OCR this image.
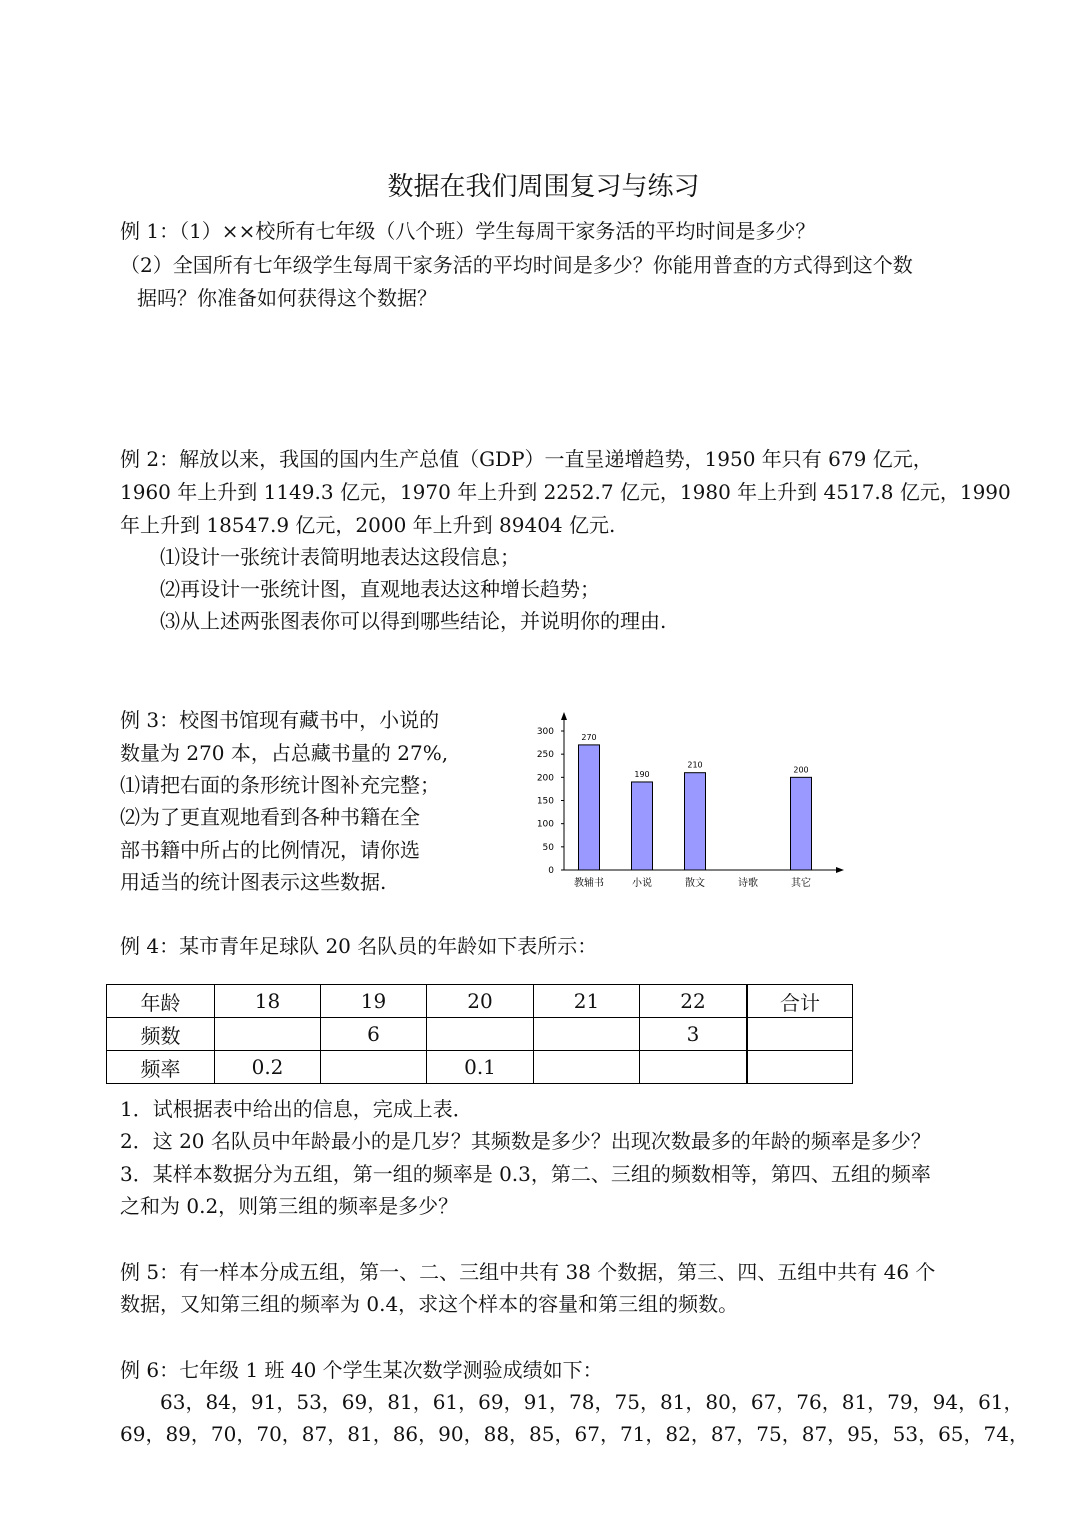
数据在我们周围复习与练习
例 1：（1）××校所有七年级（八个班）学生每周干家务活的平均时间是多少？
（2）全国所有七年级学生每周干家务活的平均时间是多少？你能用普查的方式得到这个数
据吗？你准备如何获得这个数据？
例 2：解放以来，我国的国内生产总值（GDP）一直呈递增趋势，1950 年只有 679 亿元，
1960 年上升到 1149.3 亿元，1970 年上升到 2252.7 亿元，1980 年上升到 4517.8 亿元，1990
年上升到 18547.9 亿元，2000 年上升到 89404 亿元.
⑴设计一张统计表简明地表达这段信息；
⑵再设计一张统计图，直观地表达这种增长趋势；
⑶从上述两张图表你可以得到哪些结论，并说明你的理由.
例 3：校图书馆现有藏书中，小说的
数量为 270 本，占总藏书量的 27%,
⑴请把右面的条形统计图补充完整；
⑵为了更直观地看到各种书籍在全
部书籍中所占的比例情况，请你选
用适当的统计图表示这些数据.	0
50
100
150
200
250
300
270
教辅书
190
小说
210
散文	诗歌
200
其它
例 4：某市青年足球队 20 名队员的年龄如下表所示：
年龄	18	19	20	21	22	合计
频数		6			3	
频率	0.2		0.1			
1．试根据表中给出的信息，完成上表．
2．这 20 名队员中年龄最小的是几岁？其频数是多少？出现次数最多的年龄的频率是多少？
3．某样本数据分为五组，第一组的频率是 0.3，第二、三组的频数相等，第四、五组的频率
之和为 0.2，则第三组的频率是多少？
例 5：有一样本分成五组，第一、二、三组中共有 38 个数据，第三、四、五组中共有 46 个
数据，又知第三组的频率为 0.4，求这个样本的容量和第三组的频数。
例 6：七年级 1 班 40 个学生某次数学测验成绩如下：
63，84，91，53，69，81，61，69，91，78，75，81，80，67，76，81，79，94，61，
69，89，70，70，87，81，86，90，88，85，67，71，82，87，75，87，95，53，65，74，
